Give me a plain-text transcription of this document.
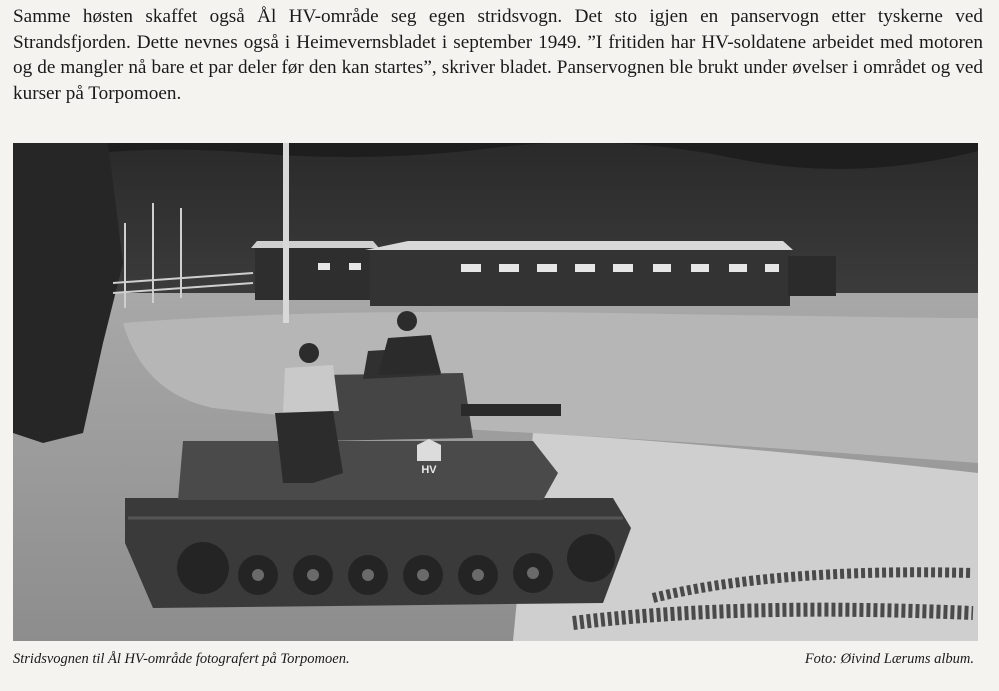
Samme høsten skaffet også Ål HV-område seg egen stridsvogn. Det sto igjen en panservogn etter tyskerne ved Strandsfjorden. Dette nevnes også i Heimevernsbladet i september 1949. ”I fritiden har HV-soldatene arbeidet med motoren og de mangler nå bare et par deler før den kan startes”, skriver bladet. Panservognen ble brukt under øvelser i området og ved kurser på Torpomoen.

HV
Stridsvognen til Ål HV-område fotografert på Torpomoen.	Foto: Øivind Lærums album.
